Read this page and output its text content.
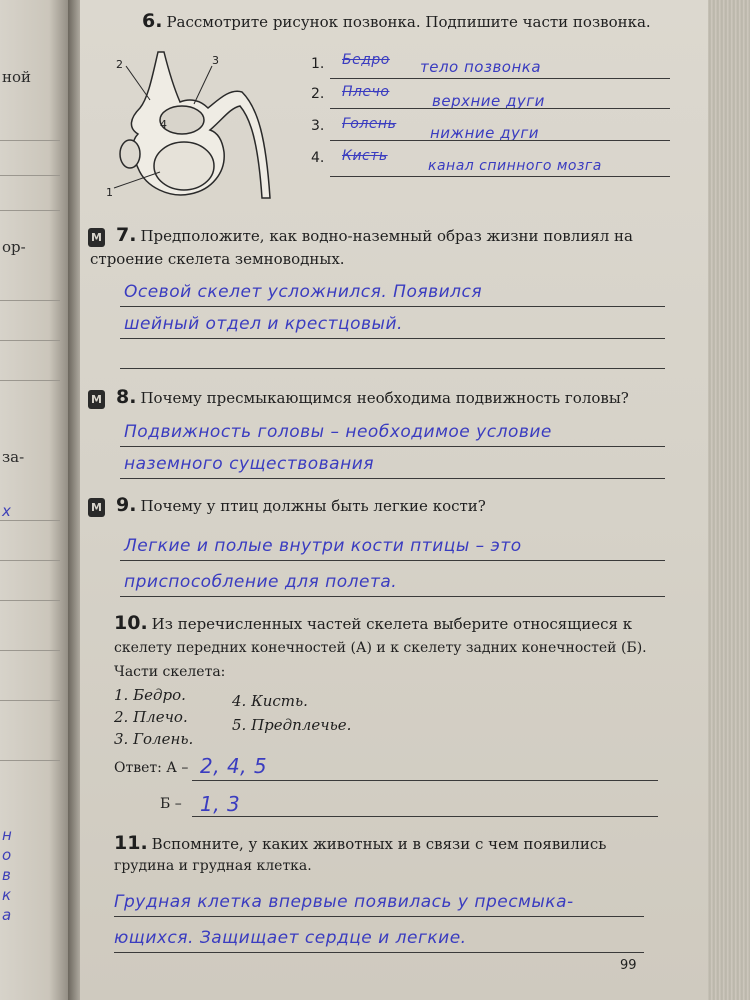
ной
ор-
за-
х
н
о
в
к
а
6. Рассмотрите рисунок позвонка. Подпишите части позвонка.
2	3
4
1
1. Бедро тело позвонка
2. Плечо	верхние дуги
3. Голень нижние дуги
4. Кисть
канал спинного мозга
М 7. Предположите, как водно-наземный образ жизни повлиял на
строение скелета земноводных.
Осевой скелет усложнился. Появился
шейный отдел и крестцовый.
М 8. Почему пресмыкающимся необходима подвижность головы?
Подвижность головы – необходимое условие
наземного существования
М 9. Почему у птиц должны быть легкие кости?
Легкие и полые внутри кости птицы – это
приспособление для полета.
10. Из перечисленных частей скелета выберите относящиеся к
скелету передних конечностей (А) и к скелету задних конечностей (Б).
Части скелета:
1. Бедро.
2. Плечо.
3. Голень.
4. Кисть.
5. Предплечье.
Ответ: А – 2, 4, 5
Б – 1, 3
11. Вспомните, у каких животных и в связи с чем появились
грудина и грудная клетка.
Грудная клетка впервые появилась у пресмыка-
ющихся. Защищает сердце и легкие.
99
